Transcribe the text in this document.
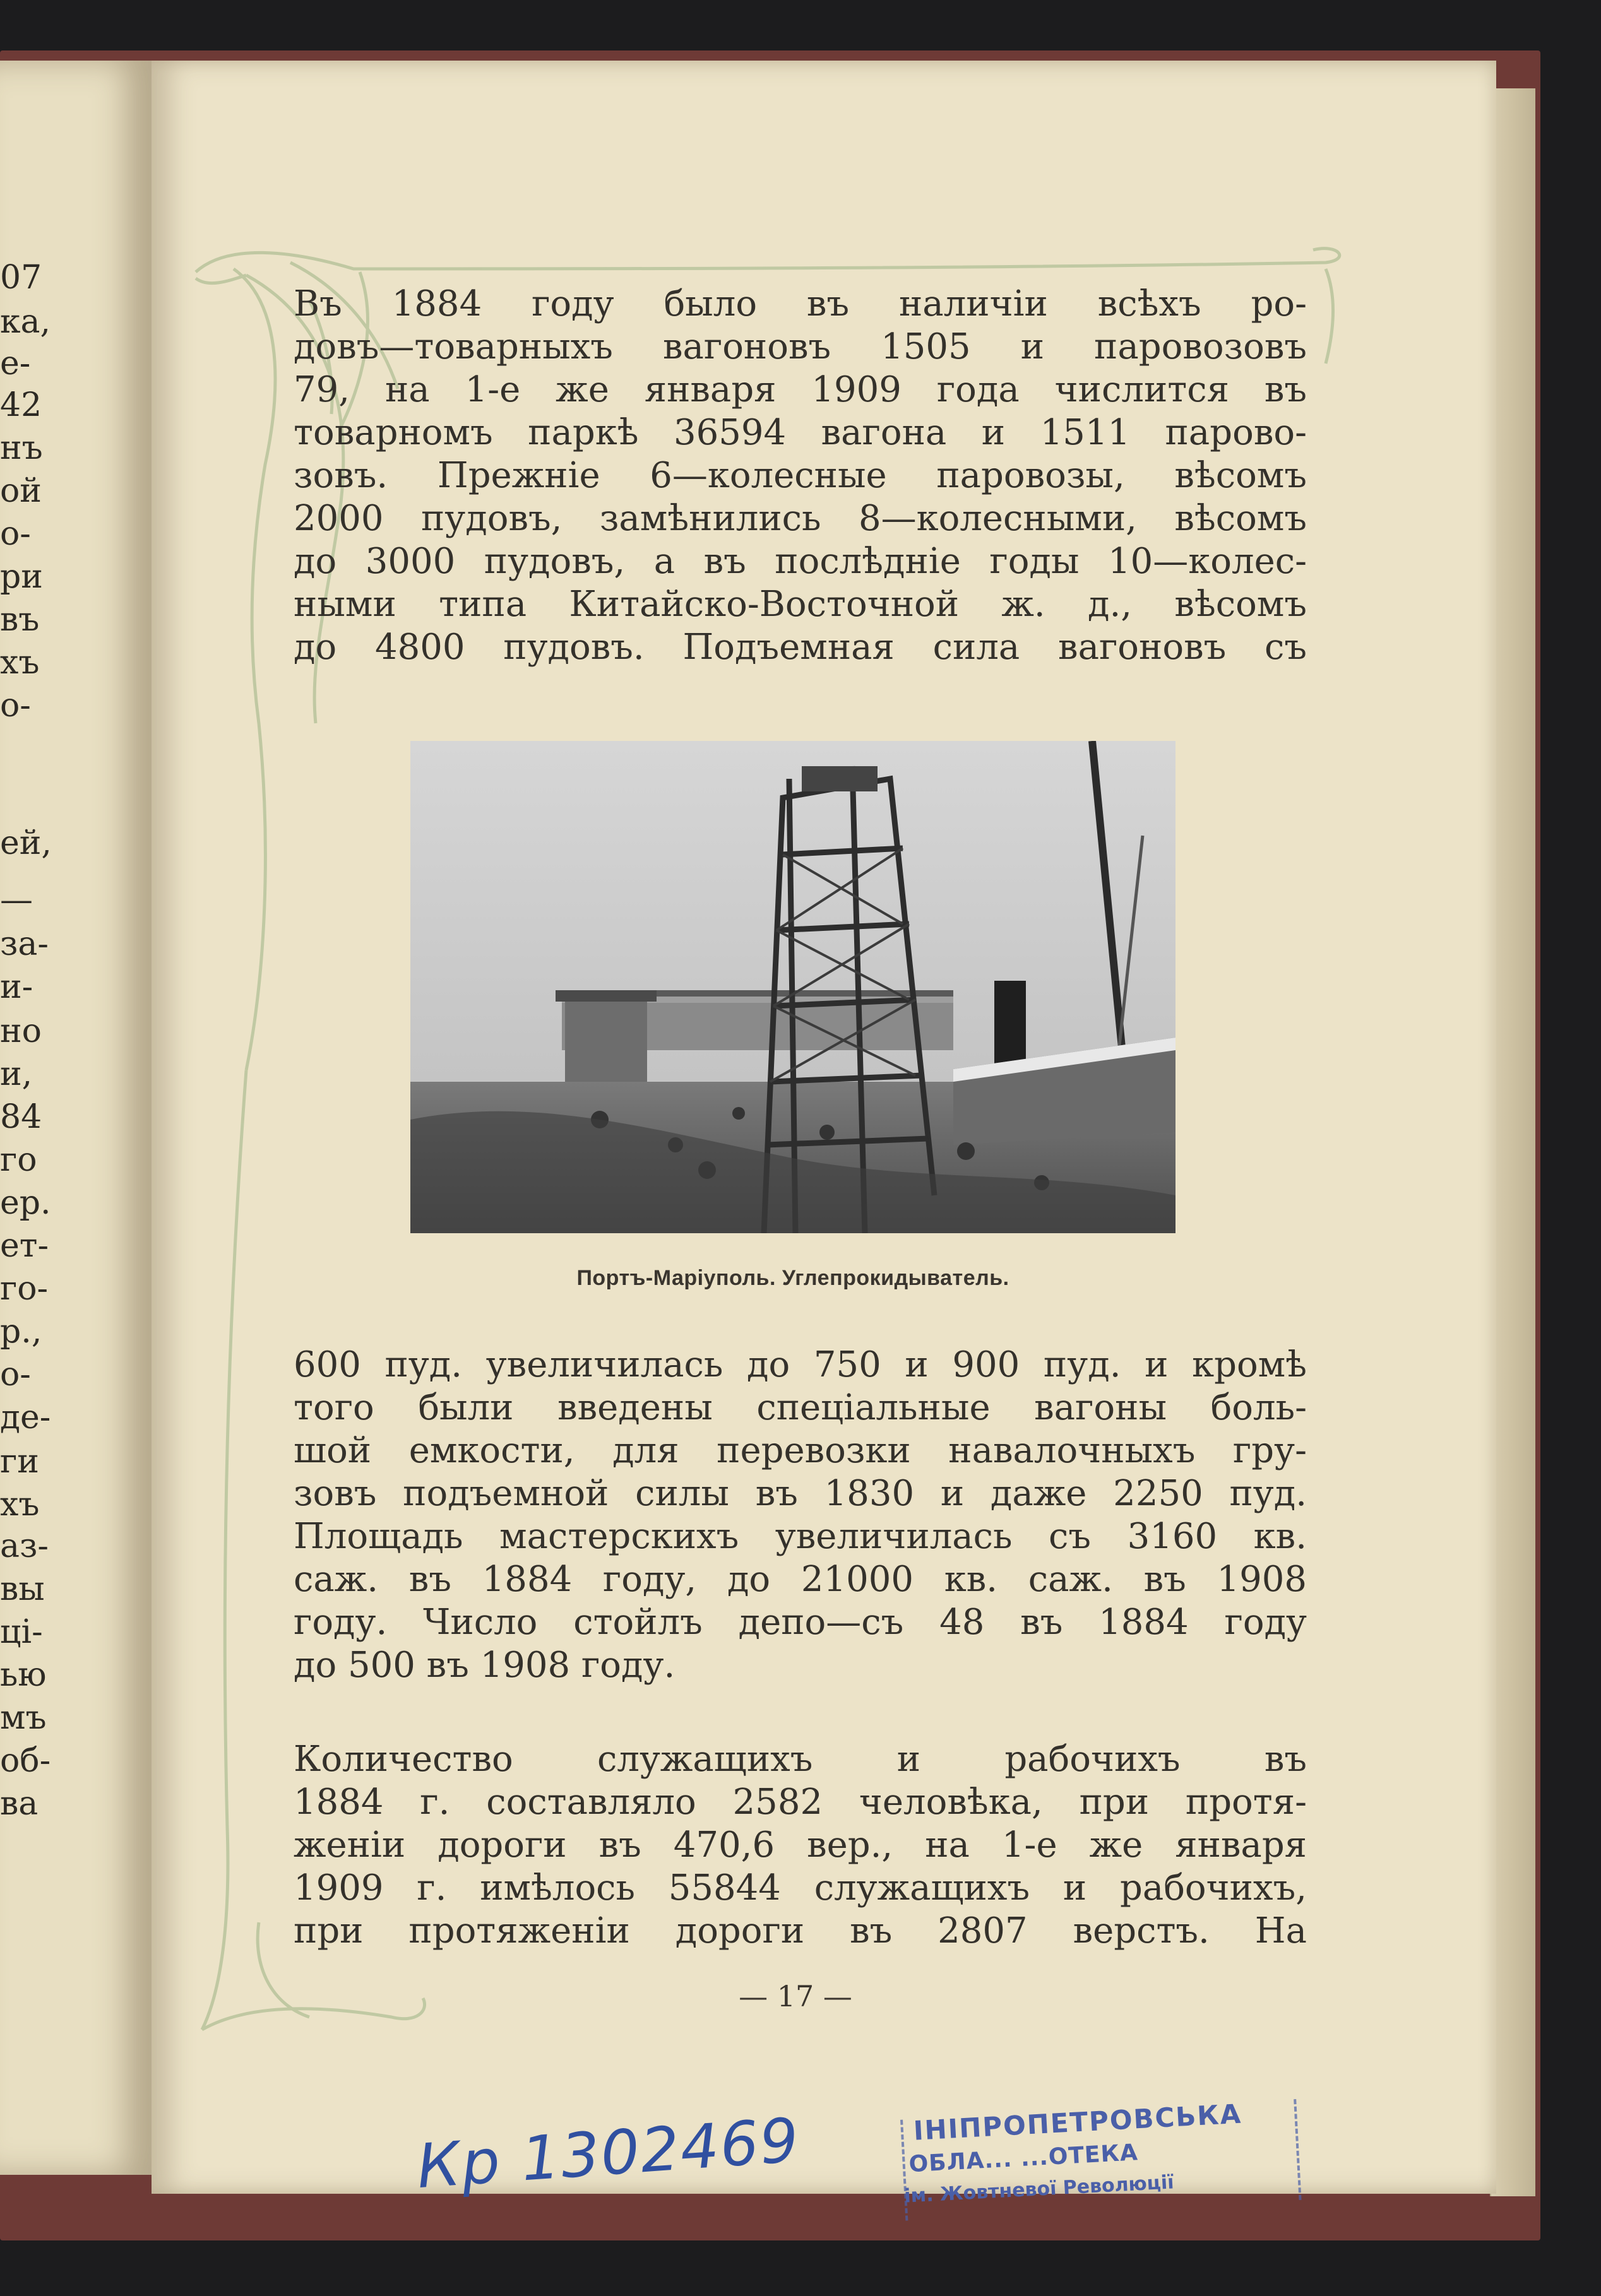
07
ка,
е-
42
нъ
ой
о-
ри
въ
хъ
о-
ей,
—
за-
и-
но
и,
84
го
ер.
ет-
го-
р.,
о-
де-
ги
хъ
аз-
вы
ці-
ью
мъ
об-
ва
Въ 1884 году было въ наличіи всѣхъ ро-
довъ—товарныхъ вагоновъ 1505 и паровозовъ
79, на 1-е же января 1909 года числится въ
товарномъ паркѣ 36594 вагона и 1511 парово-
зовъ. Прежніе 6—колесные паровозы, вѣсомъ
2000 пудовъ, замѣнились 8—колесными, вѣсомъ
до 3000 пудовъ, а въ послѣдніе годы 10—колес-
ными типа Китайско-Восточной ж. д., вѣсомъ
до 4800 пудовъ. Подъемная сила вагоновъ съ
Портъ-Маріуполь. Углепрокидыватель.
600 пуд. увеличилась до 750 и 900 пуд. и кромѣ
того были введены спеціальные вагоны боль-
шой емкости, для перевозки навалочныхъ гру-
зовъ подъемной силы въ 1830 и даже 2250 пуд.
Площадь мастерскихъ увеличилась съ 3160 кв.
саж. въ 1884 году, до 21000 кв. саж. въ 1908
году. Число стойлъ депо—съ 48 въ 1884 году
до 500 въ 1908 году.
Количество служащихъ и рабочихъ въ
1884 г. составляло 2582 человѣка, при протя-
женіи дороги въ 470,6 вер., на 1-е же января
1909 г. имѣлось 55844 служащихъ и рабочихъ,
при протяженіи дороги въ 2807 верстъ. На
— 17 —
Кр 1302469	ІНІПРОПЕТРОВСЬКА
ОБЛА... ...ОТЕКА
ім. Жовтневої Революції
